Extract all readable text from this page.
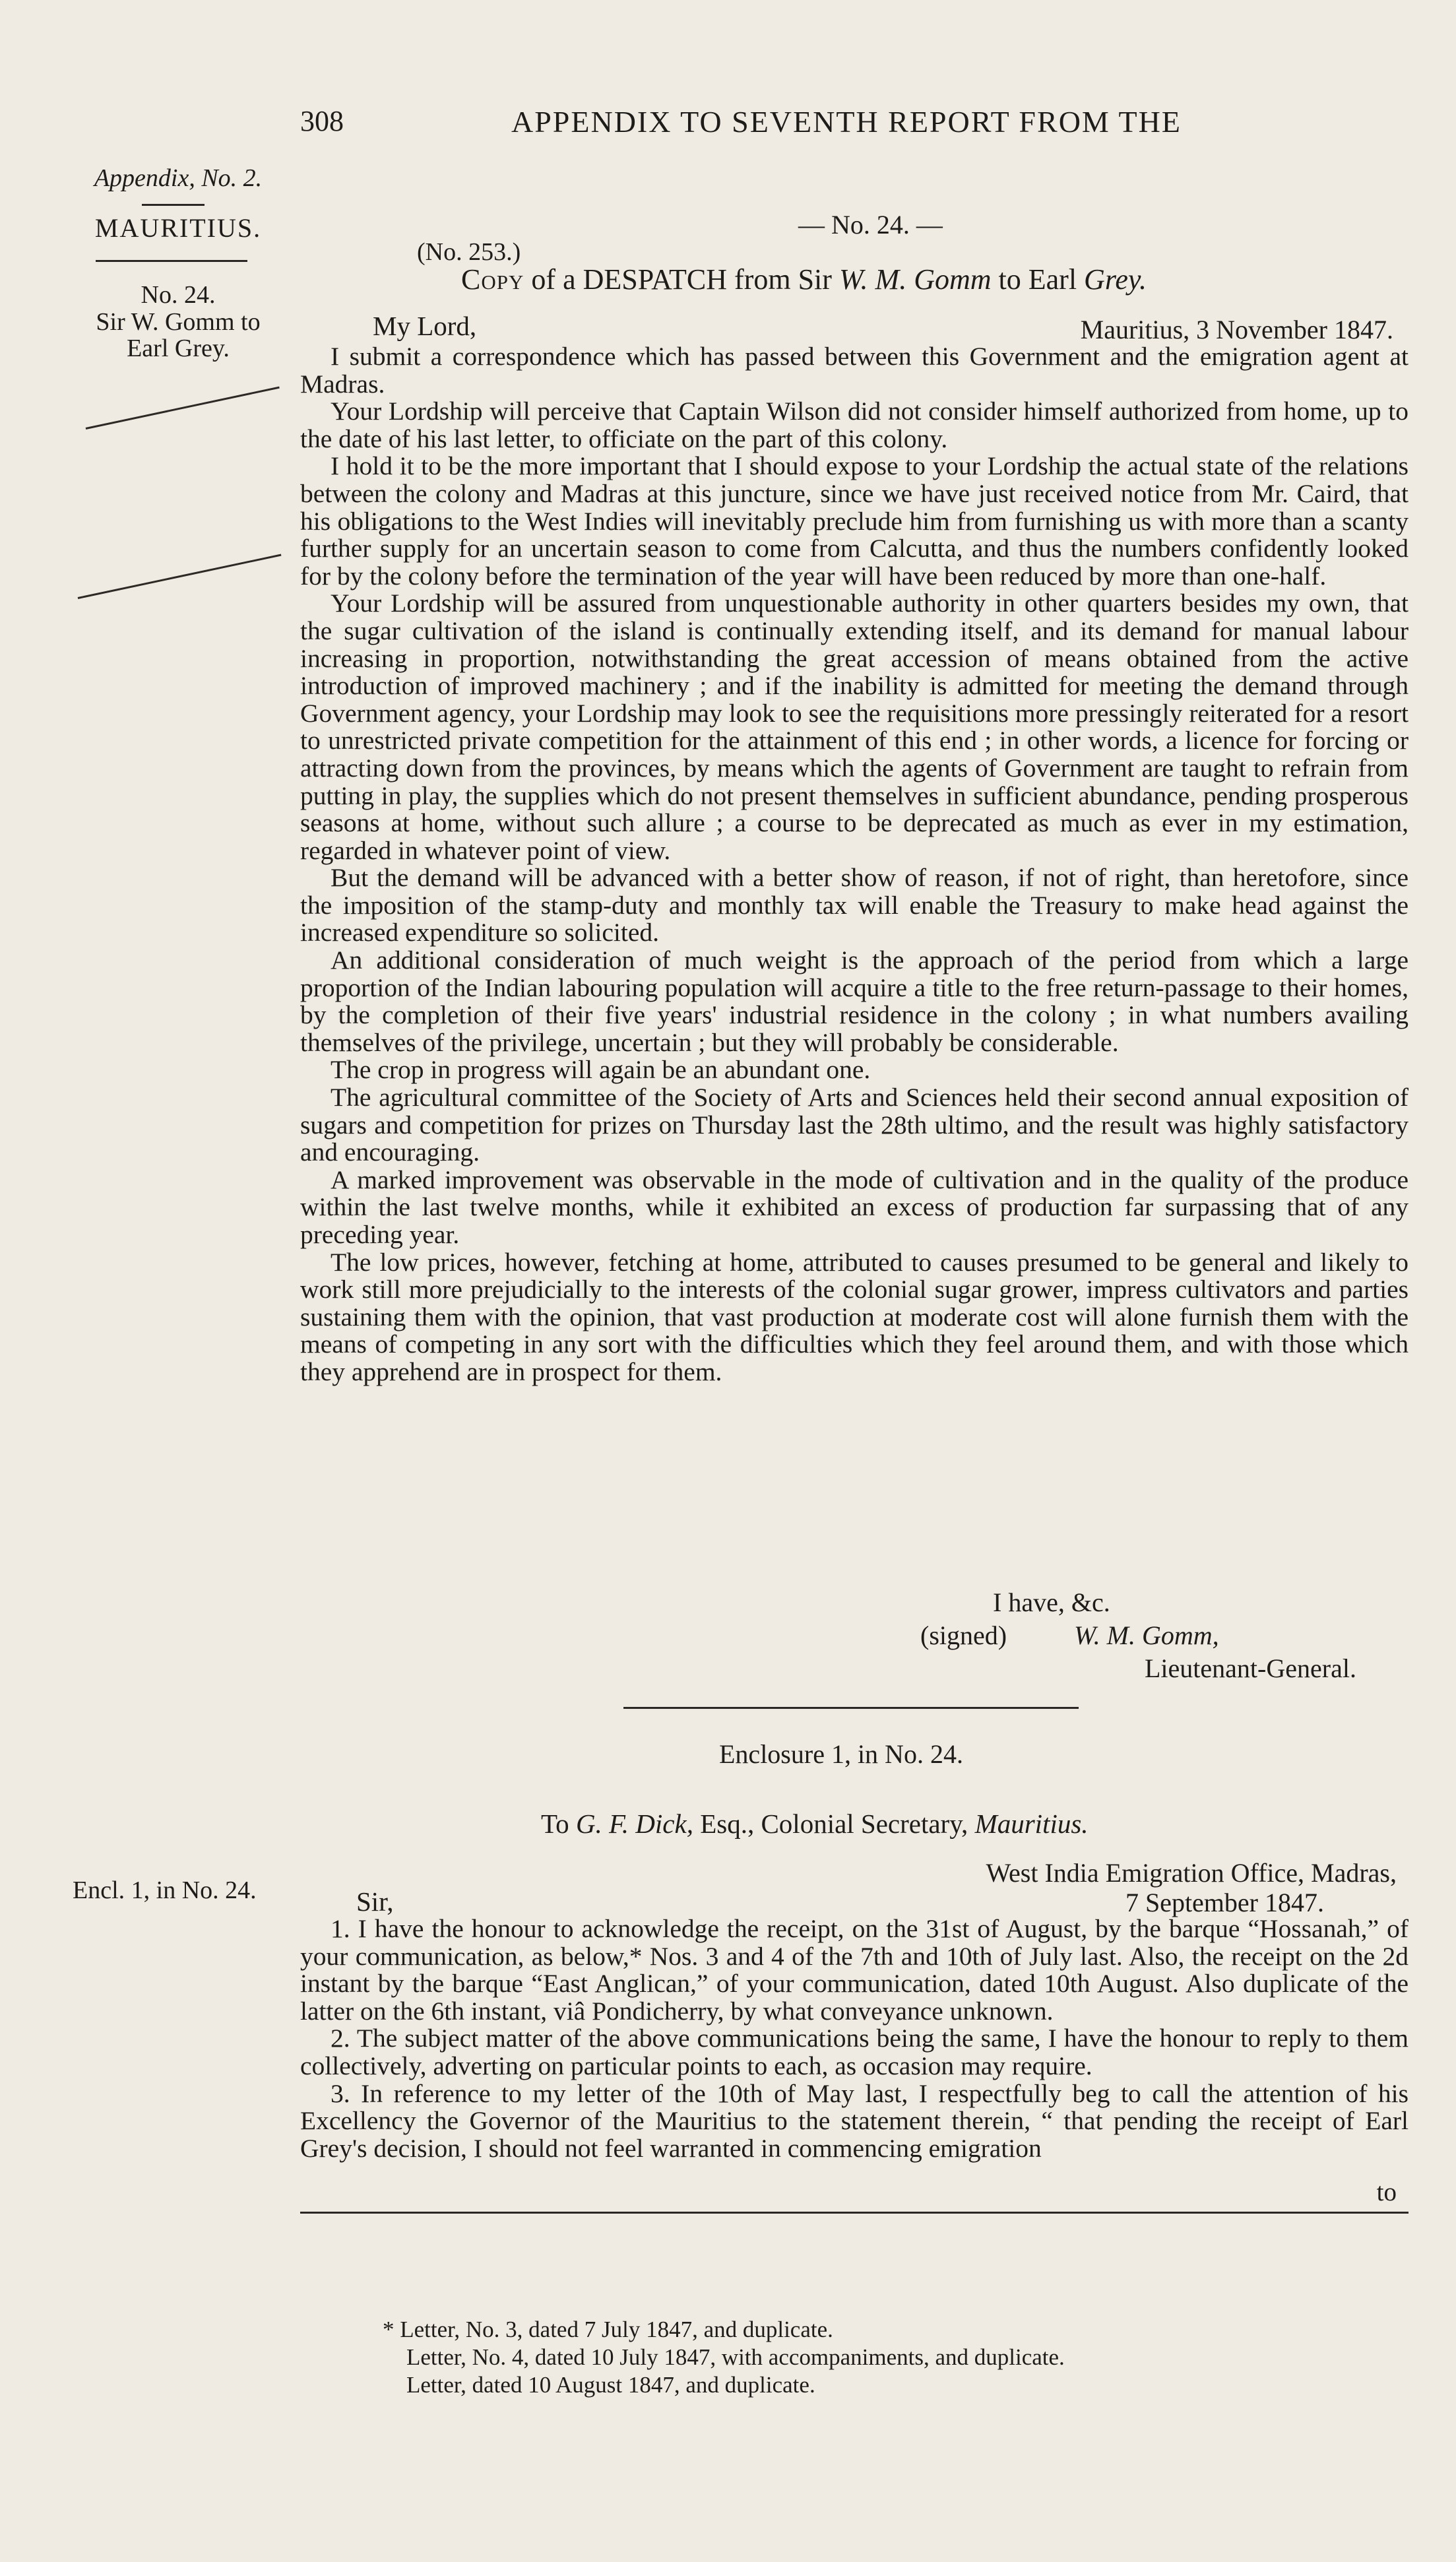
308	APPENDIX TO SEVENTH REPORT FROM THE
Appendix, No. 2.
MAURITIUS.
No. 24.
Sir W. Gomm to
Earl Grey.
Encl. 1, in No. 24.
— No. 24. —
(No. 253.)
Copy of a DESPATCH from Sir W. M. Gomm to Earl Grey.
My Lord,	Mauritius, 3 November 1847.

I submit a correspondence which has passed between this Government and the emigration agent at Madras.

Your Lordship will perceive that Captain Wilson did not consider himself authorized from home, up to the date of his last letter, to officiate on the part of this colony.

I hold it to be the more important that I should expose to your Lordship the actual state of the relations between the colony and Madras at this juncture, since we have just received notice from Mr. Caird, that his obligations to the West Indies will inevitably preclude him from furnishing us with more than a scanty further supply for an uncertain season to come from Calcutta, and thus the numbers confidently looked for by the colony before the termination of the year will have been reduced by more than one-half.

Your Lordship will be assured from unquestionable authority in other quarters besides my own, that the sugar cultivation of the island is continually extending itself, and its demand for manual labour increasing in proportion, notwithstanding the great accession of means obtained from the active introduction of improved machinery ; and if the inability is admitted for meeting the demand through Government agency, your Lordship may look to see the requisitions more pressingly reiterated for a resort to unrestricted private competition for the attainment of this end ; in other words, a licence for forcing or attracting down from the provinces, by means which the agents of Government are taught to refrain from putting in play, the supplies which do not present themselves in sufficient abundance, pending prosperous seasons at home, without such allure ; a course to be deprecated as much as ever in my estimation, regarded in whatever point of view.

But the demand will be advanced with a better show of reason, if not of right, than heretofore, since the imposition of the stamp-duty and monthly tax will enable the Treasury to make head against the increased expenditure so solicited.

An additional consideration of much weight is the approach of the period from which a large proportion of the Indian labouring population will acquire a title to the free return-passage to their homes, by the completion of their five years' industrial residence in the colony ; in what numbers availing themselves of the privilege, uncertain ; but they will probably be considerable.

The crop in progress will again be an abundant one.

The agricultural committee of the Society of Arts and Sciences held their second annual exposition of sugars and competition for prizes on Thursday last the 28th ultimo, and the result was highly satisfactory and encouraging.

A marked improvement was observable in the mode of cultivation and in the quality of the produce within the last twelve months, while it exhibited an excess of production far surpassing that of any preceding year.

The low prices, however, fetching at home, attributed to causes presumed to be general and likely to work still more prejudicially to the interests of the colonial sugar grower, impress cultivators and parties sustaining them with the opinion, that vast production at moderate cost will alone furnish them with the means of competing in any sort with the difficulties which they feel around them, and with those which they apprehend are in prospect for them.

I have, &c.
(signed)	W. M. Gomm,
Lieutenant-General.
Enclosure 1, in No. 24.
To G. F. Dick, Esq., Colonial Secretary, Mauritius.
West India Emigration Office, Madras,
Sir,	7 September 1847.

1. I have the honour to acknowledge the receipt, on the 31st of August, by the barque “Hossanah,” of your communication, as below,* Nos. 3 and 4 of the 7th and 10th of July last. Also, the receipt on the 2d instant by the barque “East Anglican,” of your communication, dated 10th August. Also duplicate of the latter on the 6th instant, viâ Pondicherry, by what conveyance unknown.

2. The subject matter of the above communications being the same, I have the honour to reply to them collectively, adverting on particular points to each, as occasion may require.

3. In reference to my letter of the 10th of May last, I respectfully beg to call the attention of his Excellency the Governor of the Mauritius to the statement therein, “ that pending the receipt of Earl Grey's decision, I should not feel warranted in commencing emigration

to
* Letter, No. 3, dated 7 July 1847, and duplicate.
Letter, No. 4, dated 10 July 1847, with accompaniments, and duplicate.
Letter, dated 10 August 1847, and duplicate.
